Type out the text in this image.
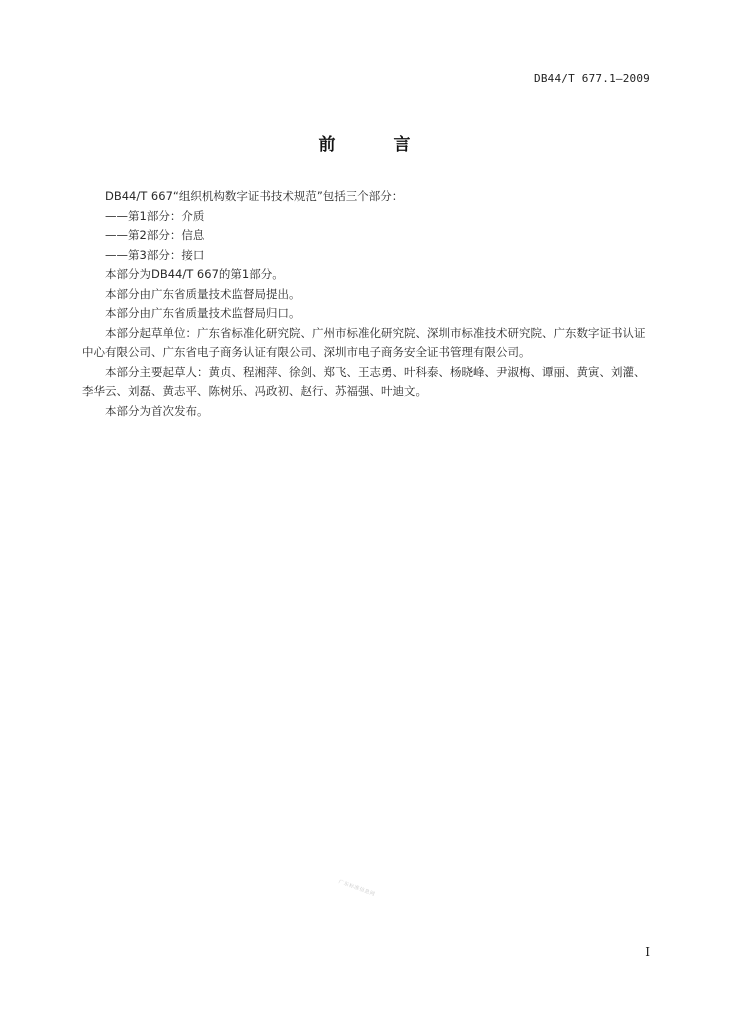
DB44/T 677.1—2009
前 言

DB44/T 667“组织机构数字证书技术规范”包括三个部分：

——第1部分：介质

——第2部分：信息

——第3部分：接口

本部分为DB44/T 667的第1部分。

本部分由广东省质量技术监督局提出。

本部分由广东省质量技术监督局归口。

本部分起草单位：广东省标准化研究院、广州市标准化研究院、深圳市标准技术研究院、广东数字证书认证中心有限公司、广东省电子商务认证有限公司、深圳市电子商务安全证书管理有限公司。

本部分主要起草人：黄贞、程湘萍、徐剑、郑飞、王志勇、叶科泰、杨晓峰、尹淑梅、谭丽、黄寅、刘灌、李华云、刘磊、黄志平、陈树乐、冯政初、赵行、苏福强、叶迪文。

本部分为首次发布。

广东标准信息网
I
